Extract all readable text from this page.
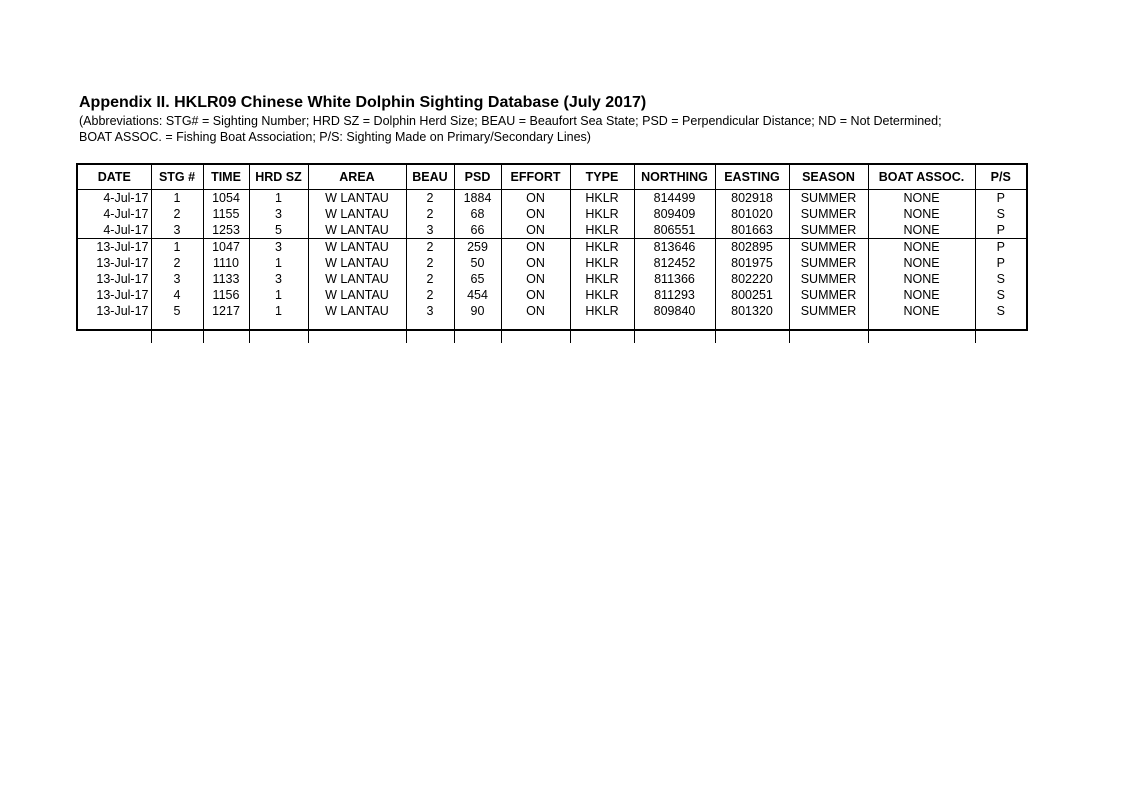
Appendix II. HKLR09 Chinese White Dolphin Sighting Database (July 2017)
(Abbreviations: STG# = Sighting Number; HRD SZ = Dolphin Herd Size; BEAU = Beaufort Sea State; PSD = Perpendicular Distance; ND = Not Determined;
BOAT ASSOC. = Fishing Boat Association; P/S: Sighting Made on Primary/Secondary Lines)
DATE	STG #	TIME	HRD SZ	AREA	BEAU	PSD	EFFORT	TYPE	NORTHING	EASTING	SEASON	BOAT ASSOC.	P/S
4-Jul-17	1	1054	1	W LANTAU	2	1884	ON	HKLR	814499	802918	SUMMER	NONE	P
4-Jul-17	2	1155	3	W LANTAU	2	68	ON	HKLR	809409	801020	SUMMER	NONE	S
4-Jul-17	3	1253	5	W LANTAU	3	66	ON	HKLR	806551	801663	SUMMER	NONE	P
13-Jul-17	1	1047	3	W LANTAU	2	259	ON	HKLR	813646	802895	SUMMER	NONE	P
13-Jul-17	2	1110	1	W LANTAU	2	50	ON	HKLR	812452	801975	SUMMER	NONE	P
13-Jul-17	3	1133	3	W LANTAU	2	65	ON	HKLR	811366	802220	SUMMER	NONE	S
13-Jul-17	4	1156	1	W LANTAU	2	454	ON	HKLR	811293	800251	SUMMER	NONE	S
13-Jul-17	5	1217	1	W LANTAU	3	90	ON	HKLR	809840	801320	SUMMER	NONE	S
